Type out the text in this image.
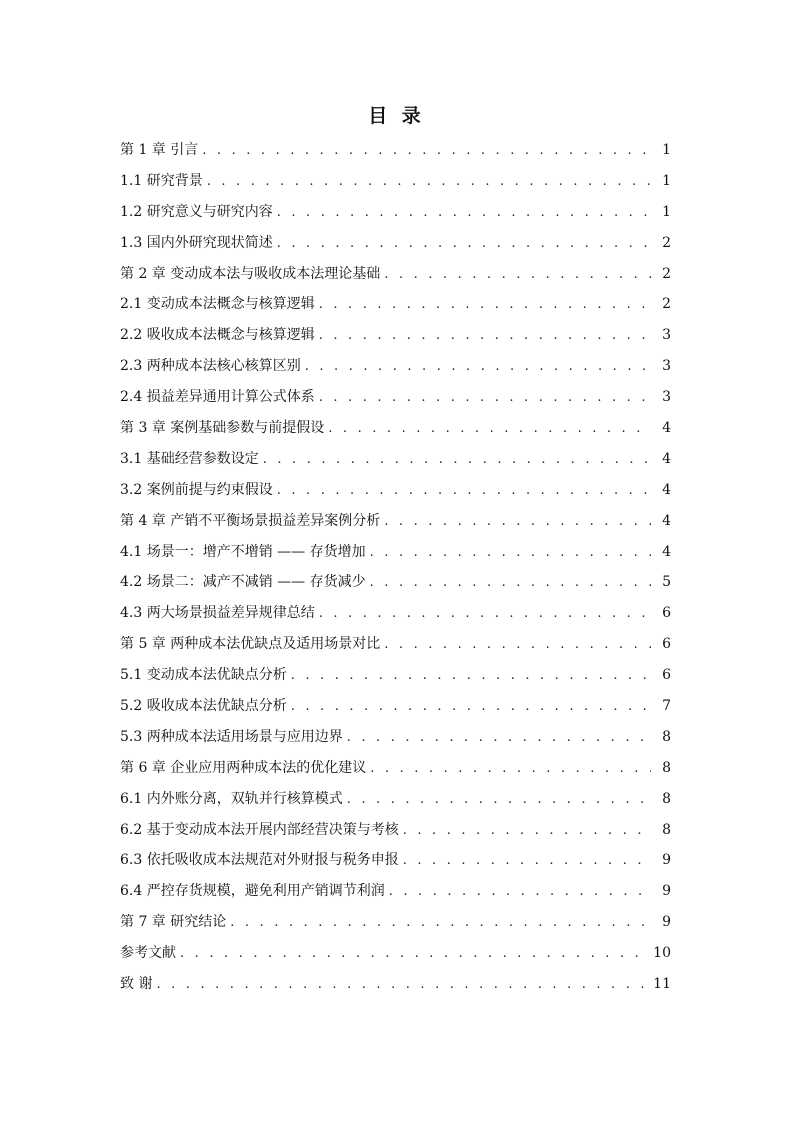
目 录
第 1 章 引言 . . .	1
1.1 研究背景 . . .	1
1.2 研究意义与研究内容 . . .	1
1.3 国内外研究现状简述 . . .	2
第 2 章 变动成本法与吸收成本法理论基础 . . .	2
2.1 变动成本法概念与核算逻辑 . . .	2
2.2 吸收成本法概念与核算逻辑 . . .	3
2.3 两种成本法核心核算区别 . . .	3
2.4 损益差异通用计算公式体系 . . .	3
第 3 章 案例基础参数与前提假设 . . .	4
3.1 基础经营参数设定 . . .	4
3.2 案例前提与约束假设 . . .	4
第 4 章 产销不平衡场景损益差异案例分析 . . .	4
4.1 场景一：增产不增销 —— 存货增加 . . .	4
4.2 场景二：减产不减销 —— 存货减少 . . .	5
4.3 两大场景损益差异规律总结 . . .	6
第 5 章 两种成本法优缺点及适用场景对比 . . .	6
5.1 变动成本法优缺点分析 . . .	6
5.2 吸收成本法优缺点分析 . . .	7
5.3 两种成本法适用场景与应用边界 . . .	8
第 6 章 企业应用两种成本法的优化建议 . . .	8
6.1 内外账分离，双轨并行核算模式 . . .	8
6.2 基于变动成本法开展内部经营决策与考核 . . .	8
6.3 依托吸收成本法规范对外财报与税务申报 . . .	9
6.4 严控存货规模，避免利用产销调节利润 . . .	9
第 7 章 研究结论 . . .	9
参考文献 . . .	10
致 谢 . . .	11
